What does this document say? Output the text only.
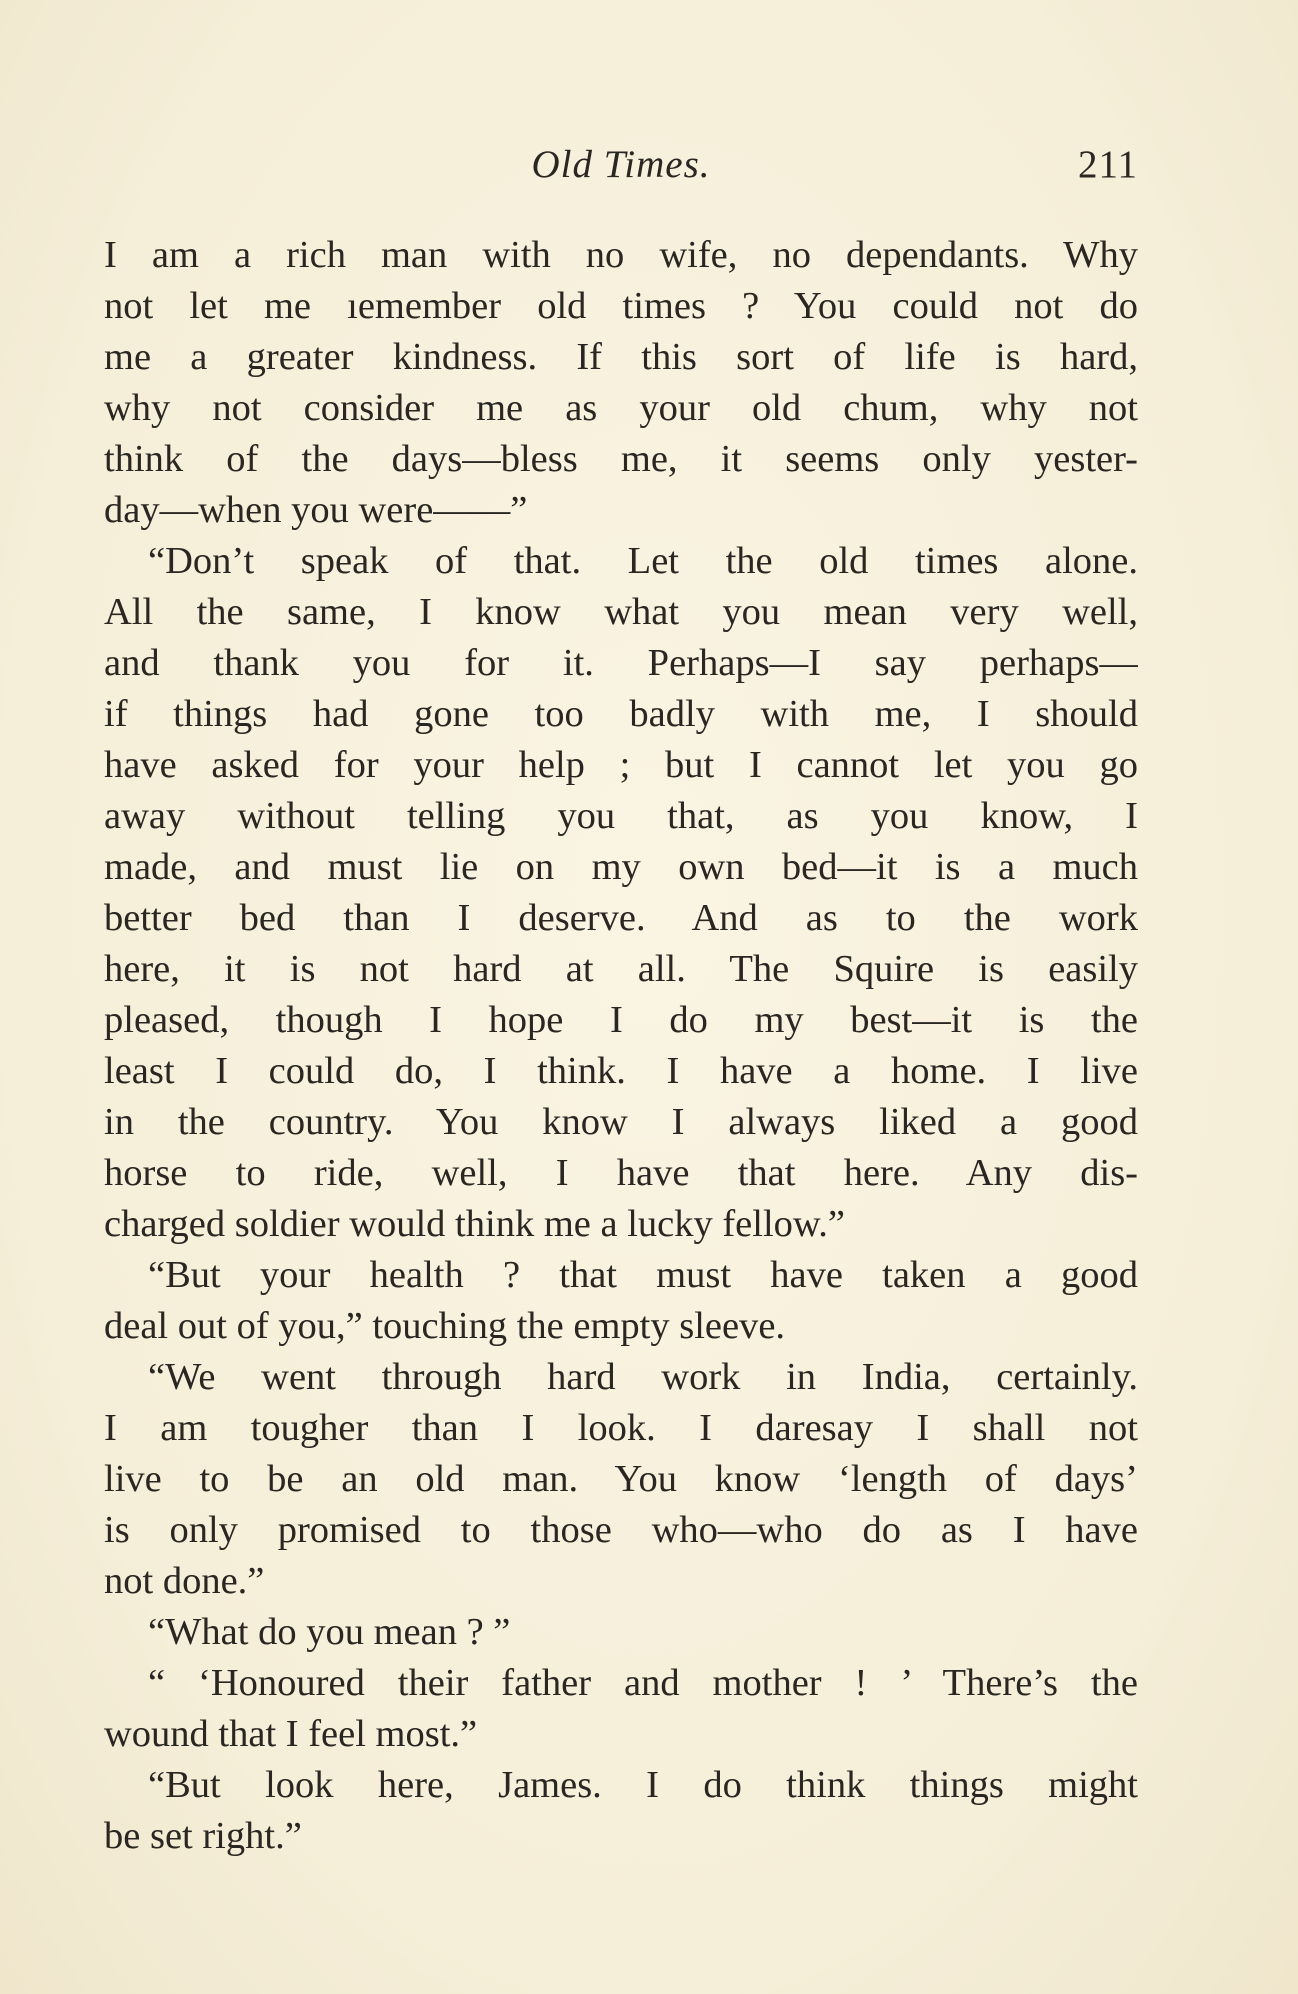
Old Times.	211
I am a rich man with no wife, no dependants. Why
not let me ıemember old times ? You could not do
me a greater kindness. If this sort of life is hard,
why not consider me as your old chum, why not
think of the days—bless me, it seems only yester-
day—when you were——”
“Don’t speak of that. Let the old times alone.
All the same, I know what you mean very well,
and thank you for it. Perhaps—I say perhaps—
if things had gone too badly with me, I should
have asked for your help ; but I cannot let you go
away without telling you that, as you know, I
made, and must lie on my own bed—it is a much
better bed than I deserve. And as to the work
here, it is not hard at all. The Squire is easily
pleased, though I hope I do my best—it is the
least I could do, I think. I have a home. I live
in the country. You know I always liked a good
horse to ride, well, I have that here. Any dis-
charged soldier would think me a lucky fellow.”
“But your health ? that must have taken a good
deal out of you,” touching the empty sleeve.
“We went through hard work in India, certainly.
I am tougher than I look. I daresay I shall not
live to be an old man. You know ‘length of days’
is only promised to those who—who do as I have
not done.”
“What do you mean ? ”
“ ‘Honoured their father and mother ! ’ There’s the
wound that I feel most.”
“But look here, James. I do think things might
be set right.”
